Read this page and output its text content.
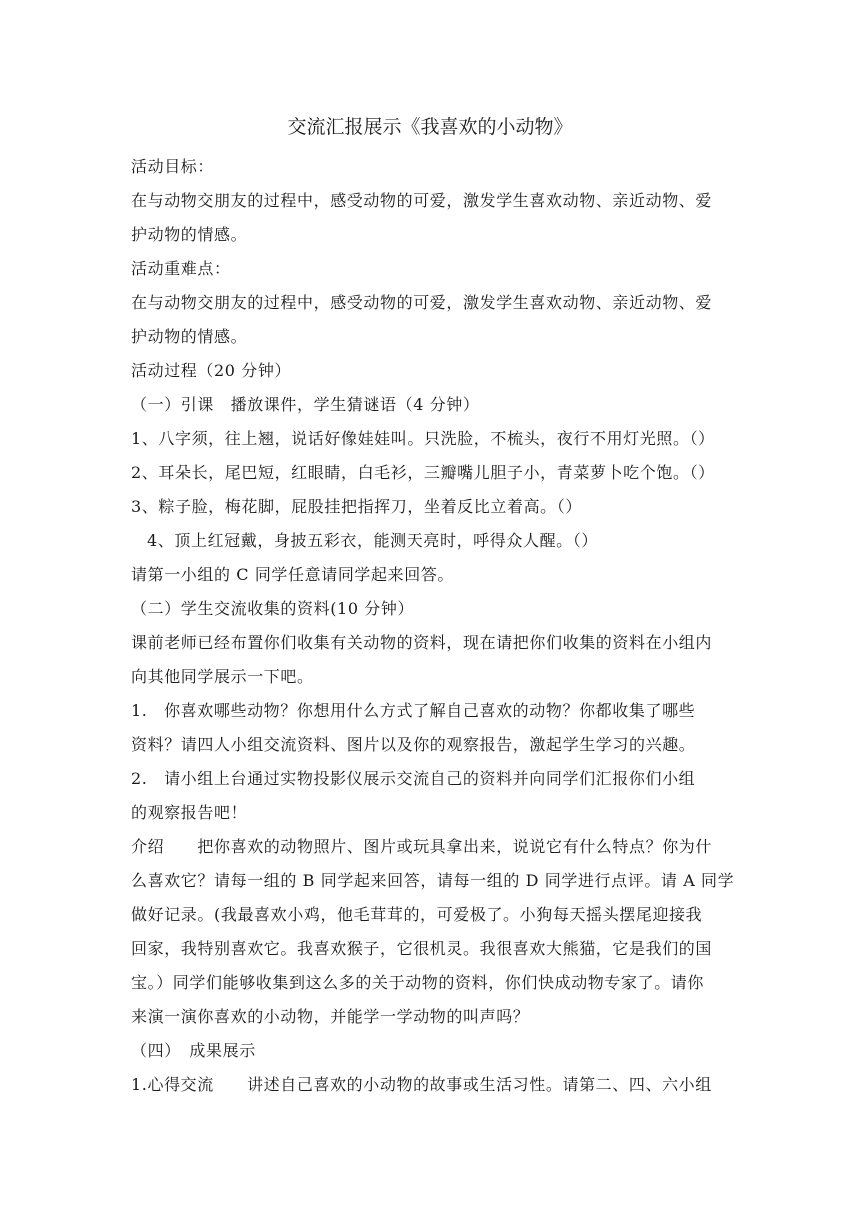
交流汇报展示《我喜欢的小动物》

活动目标：

在与动物交朋友的过程中，感受动物的可爱，激发学生喜欢动物、亲近动物、爱

护动物的情感。

活动重难点：

在与动物交朋友的过程中，感受动物的可爱，激发学生喜欢动物、亲近动物、爱

护动物的情感。

活动过程（20 分钟）

（一）引课　播放课件，学生猜谜语（4 分钟）

1、八字须，往上翘，说话好像娃娃叫。只洗脸，不梳头，夜行不用灯光照。（）

2、耳朵长，尾巴短，红眼睛，白毛衫，三瓣嘴儿胆子小，青菜萝卜吃个饱。（）

3、粽子脸，梅花脚，屁股挂把指挥刀，坐着反比立着高。（）

4、顶上红冠戴，身披五彩衣，能测天亮时，呼得众人醒。（）

请第一小组的 C 同学任意请同学起来回答。

（二）学生交流收集的资料(10 分钟）

课前老师已经布置你们收集有关动物的资料，现在请把你们收集的资料在小组内

向其他同学展示一下吧。

1.　你喜欢哪些动物？你想用什么方式了解自己喜欢的动物？你都收集了哪些

资料？请四人小组交流资料、图片以及你的观察报告，激起学生学习的兴趣。

2.　请小组上台通过实物投影仪展示交流自己的资料并向同学们汇报你们小组

的观察报告吧！

介绍　　把你喜欢的动物照片、图片或玩具拿出来，说说它有什么特点？你为什

么喜欢它？请每一组的 B 同学起来回答，请每一组的 D 同学进行点评。请 A 同学

做好记录。(我最喜欢小鸡，他毛茸茸的，可爱极了。小狗每天摇头摆尾迎接我

回家，我特别喜欢它。我喜欢猴子，它很机灵。我很喜欢大熊猫，它是我们的国

宝。）同学们能够收集到这么多的关于动物的资料，你们快成动物专家了。请你

来演一演你喜欢的小动物，并能学一学动物的叫声吗？

（四）　成果展示

1.心得交流　　讲述自己喜欢的小动物的故事或生活习性。请第二、四、六小组
